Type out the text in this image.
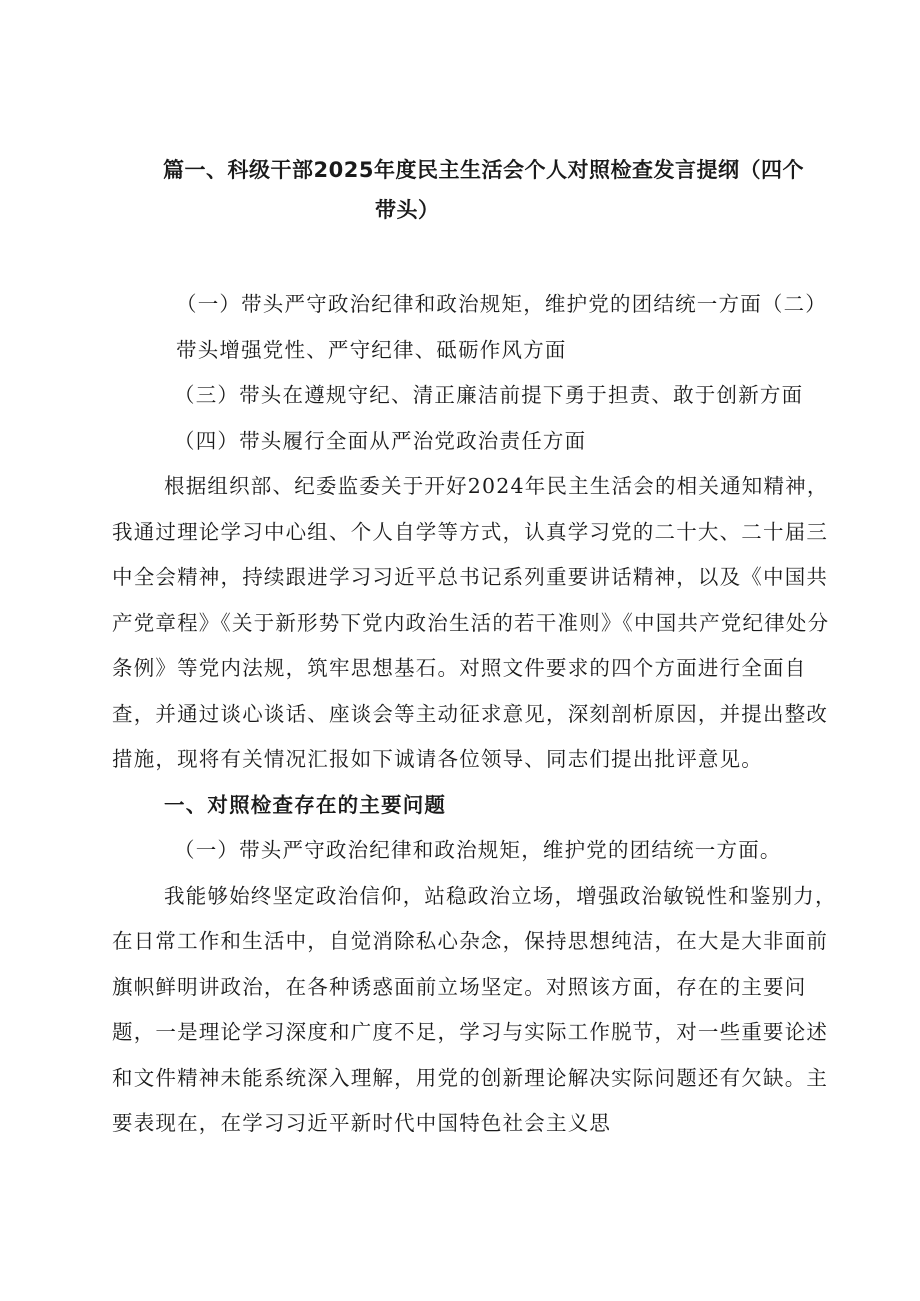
篇一、科级干部2025年度民主生活会个人对照检查发言提纲（四个
带头）

（一）带头严守政治纪律和政治规矩，维护党的团结统一方面（二）

带头增强党性、严守纪律、砥砺作风方面

（三）带头在遵规守纪、清正廉洁前提下勇于担责、敢于创新方面

（四）带头履行全面从严治党政治责任方面

根据组织部、纪委监委关于开好2024年民主生活会的相关通知精神，我通过理论学习中心组、个人自学等方式，认真学习党的二十大、二十届三中全会精神，持续跟进学习习近平总书记系列重要讲话精神，以及《中国共产党章程》《关于新形势下党内政治生活的若干准则》《中国共产党纪律处分条例》等党内法规，筑牢思想基石。对照文件要求的四个方面进行全面自查，并通过谈心谈话、座谈会等主动征求意见，深刻剖析原因，并提出整改措施，现将有关情况汇报如下诚请各位领导、同志们提出批评意见。

一、对照检查存在的主要问题

（一）带头严守政治纪律和政治规矩，维护党的团结统一方面。

我能够始终坚定政治信仰，站稳政治立场，增强政治敏锐性和鉴别力，在日常工作和生活中，自觉消除私心杂念，保持思想纯洁，在大是大非面前旗帜鲜明讲政治，在各种诱惑面前立场坚定。对照该方面，存在的主要问题，一是理论学习深度和广度不足，学习与实际工作脱节，对一些重要论述和文件精神未能系统深入理解，用党的创新理论解决实际问题还有欠缺。主要表现在，在学习习近平新时代中国特色社会主义思
